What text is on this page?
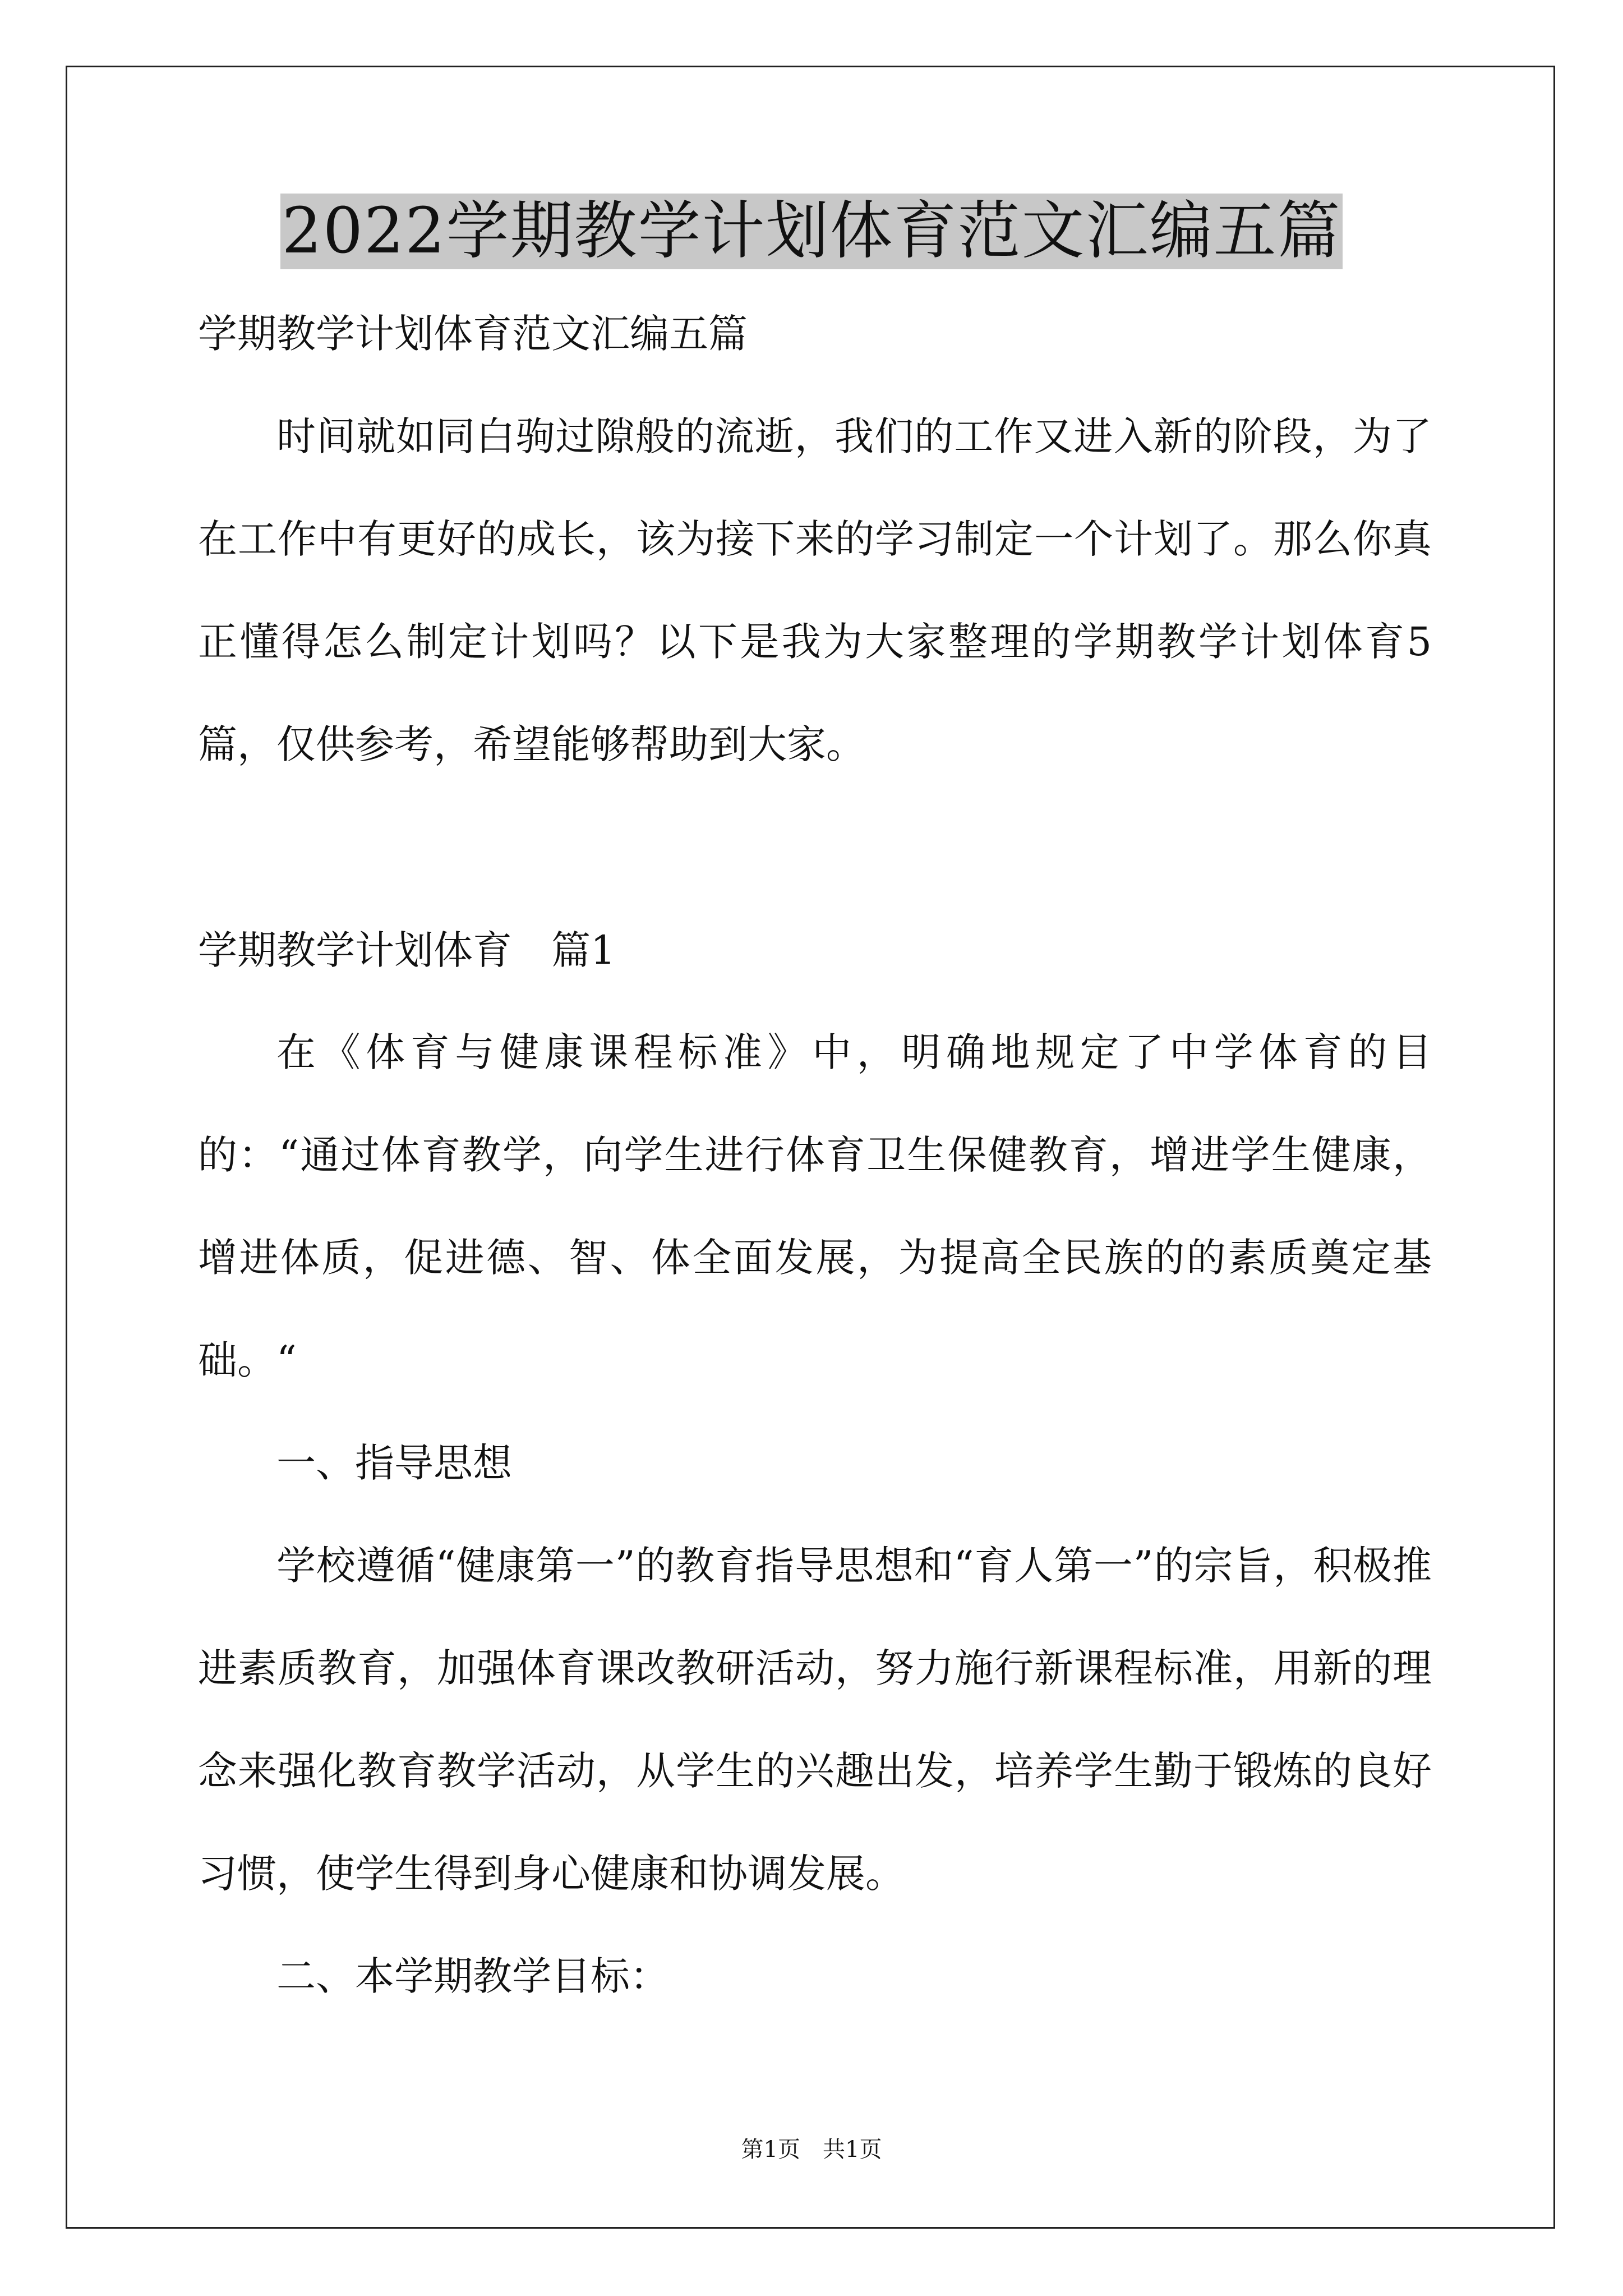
2022学期教学计划体育范文汇编五篇
学期教学计划体育范文汇编五篇

时间就如同白驹过隙般的流逝，我们的工作又进入新的阶段，为了在工作中有更好的成长，该为接下来的学习制定一个计划了。那么你真正懂得怎么制定计划吗？以下是我为大家整理的学期教学计划体育5篇，仅供参考，希望能够帮助到大家。

学期教学计划体育　篇1

在《体育与健康课程标准》中，明确地规定了中学体育的目的：“通过体育教学，向学生进行体育卫生保健教育，增进学生健康，增进体质，促进德、智、体全面发展，为提高全民族的的素质奠定基础。“

一、指导思想

学校遵循“健康第一”的教育指导思想和“育人第一”的宗旨，积极推进素质教育，加强体育课改教研活动，努力施行新课程标准，用新的理念来强化教育教学活动，从学生的兴趣出发，培养学生勤于锻炼的良好习惯，使学生得到身心健康和协调发展。

二、本学期教学目标：

第1页　共1页
